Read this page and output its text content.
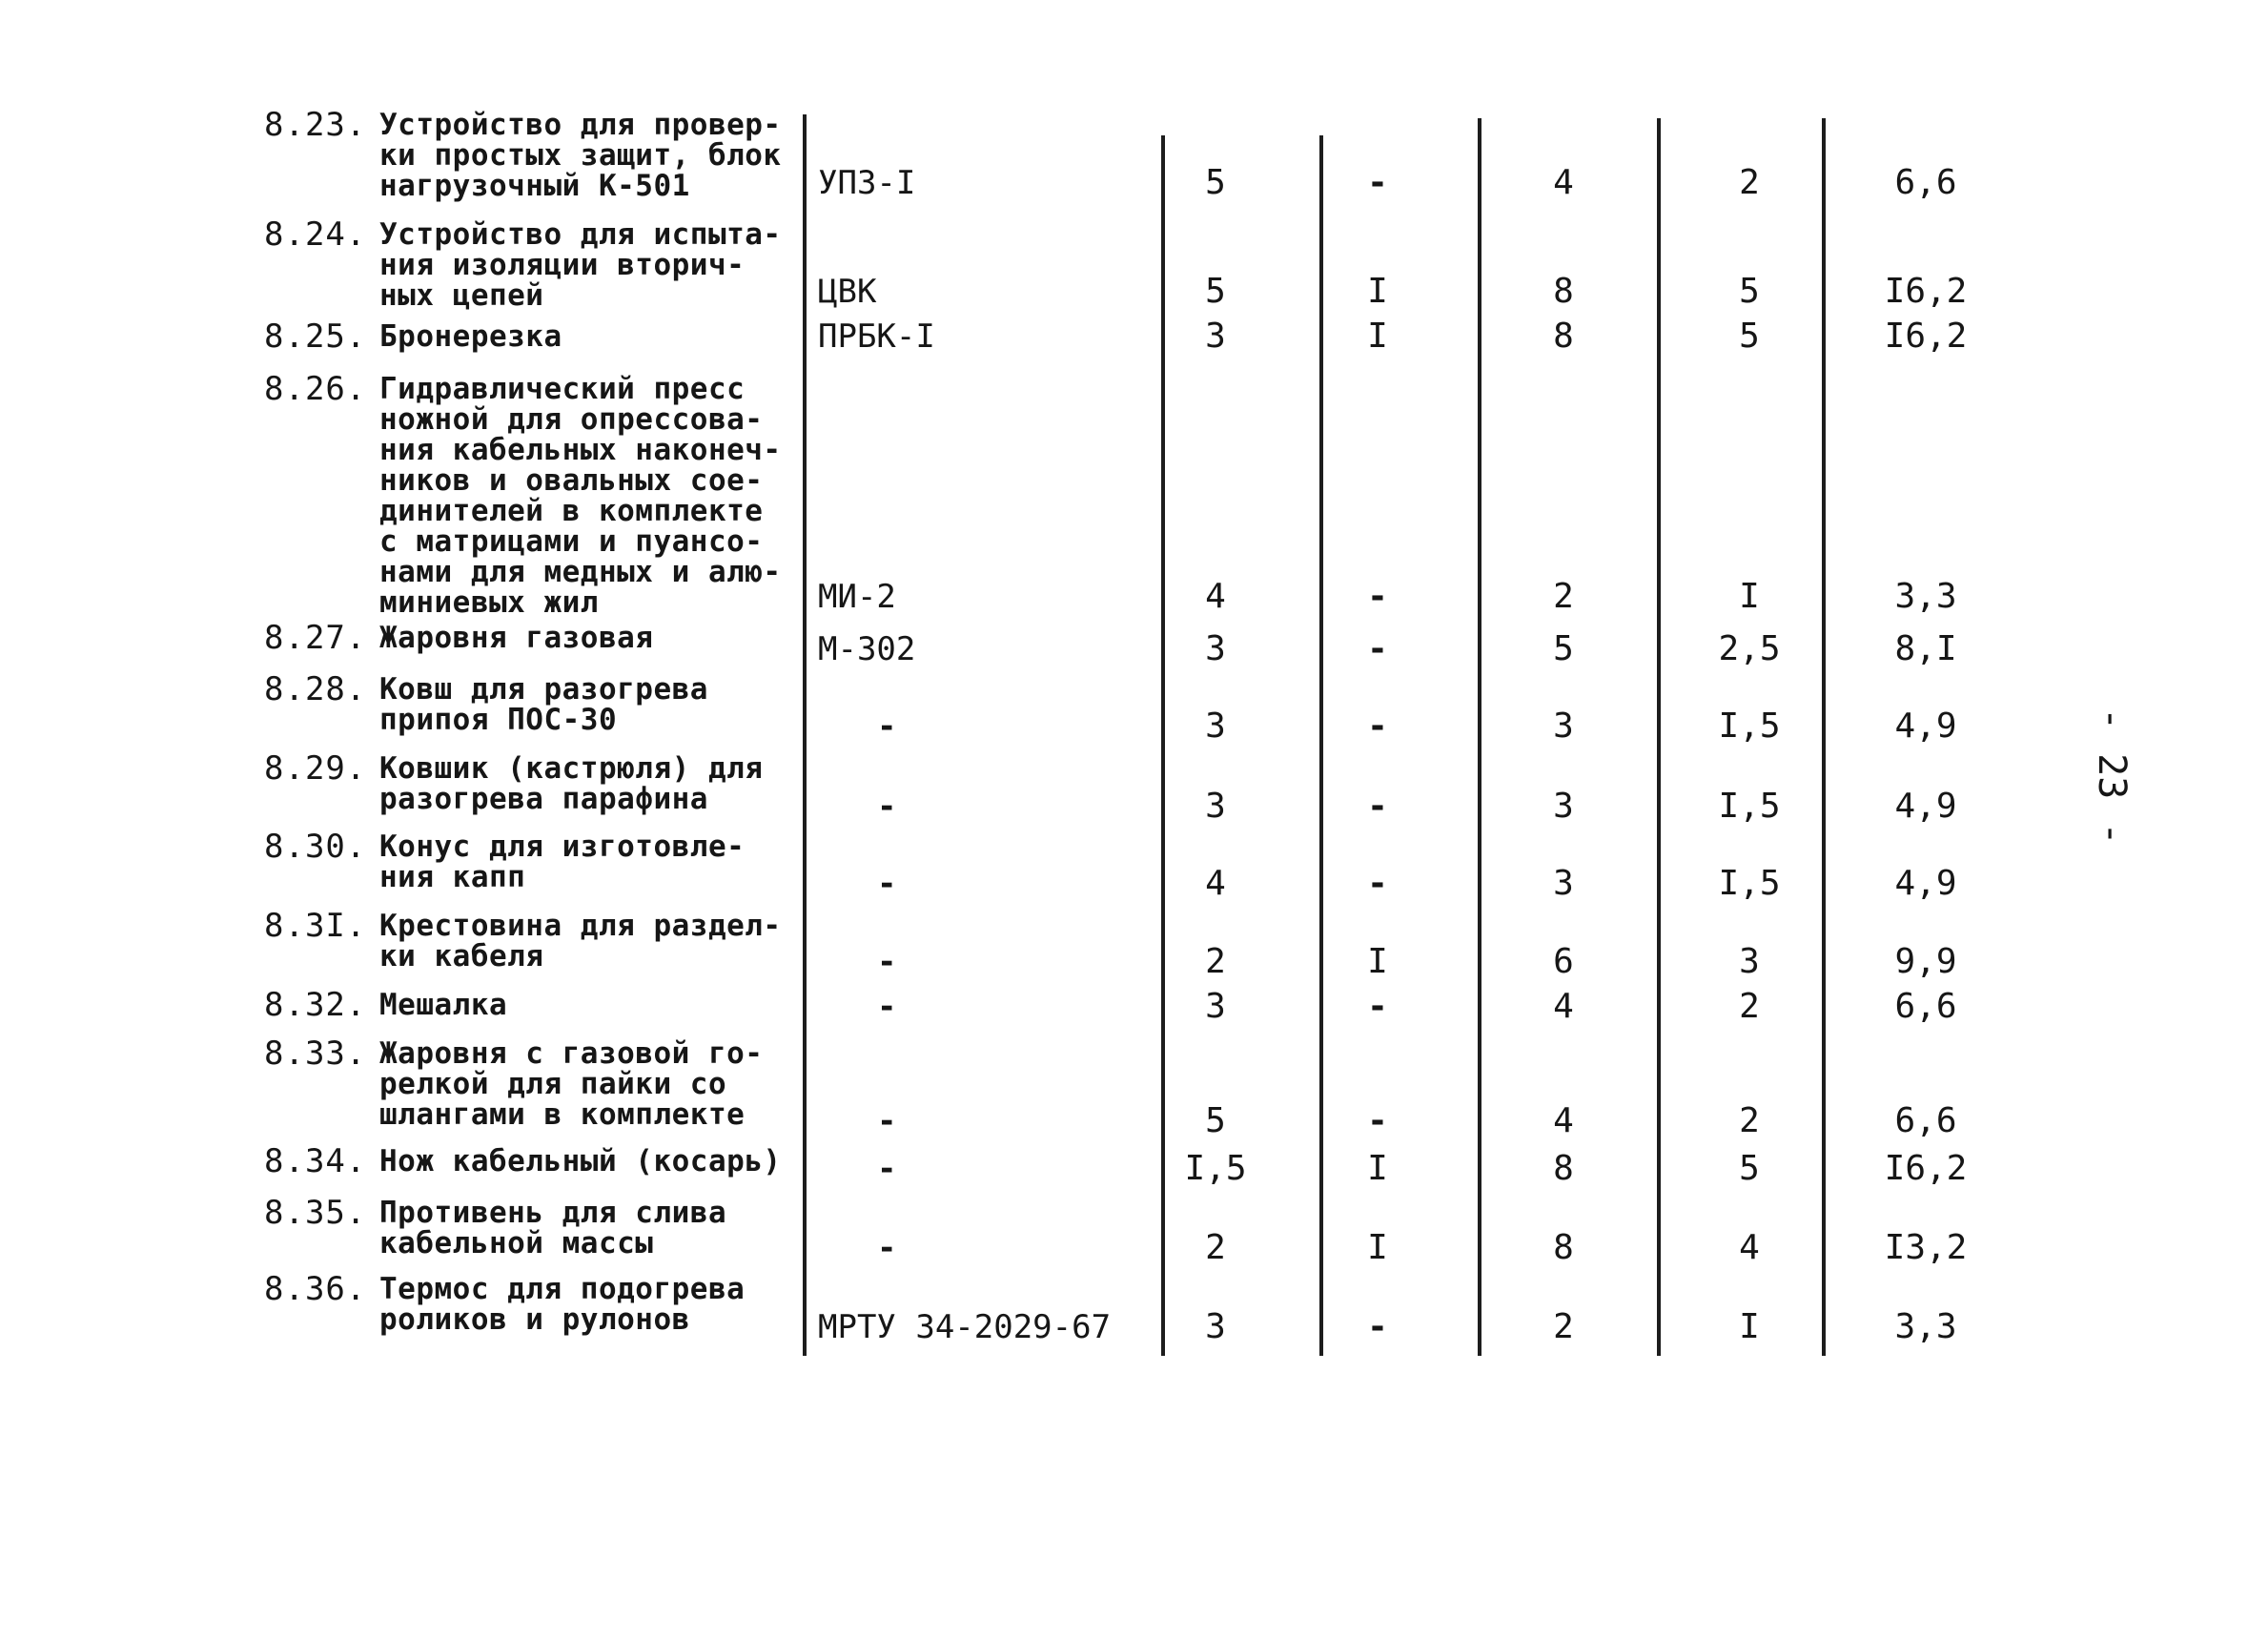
8.23. Устройство для провер-
ки простых защит, блок
нагрузочный К-501	УПЗ-I	5	-	4	2	6,6
8.24. Устройство для испыта-
ния изоляции вторич-
ных цепей	ЦВК	5	I	8	5	I6,2
8.25. Бронерезка	ПРБК-I	3	I	8	5	I6,2
8.26. Гидравлический пресс
ножной для опрессова-
ния кабельных наконеч-
ников и овальных сое-
динителей в комплекте
с матрицами и пуансо-
нами для медных и алю-
миниевых жил	МИ-2	4	-	2	I	3,3
8.27. Жаровня газовая	М-302	3	-	5	2,5	8,I
8.28. Ковш для разогрева
припоя ПОС-30	-	3	-	3	I,5	4,9
8.29. Ковшик (кастрюля) для
разогрева парафина	-	3	-	3	I,5	4,9
8.30. Конус для изготовле-
ния капп	-	4	-	3	I,5	4,9
8.3I. Крестовина для раздел-
ки кабеля	-	2	I	6	3	9,9
8.32. Мешалка	-	3	-	4	2	6,6
8.33. Жаровня с газовой го-
релкой для пайки со
шлангами в комплекте	-	5	-	4	2	6,6
8.34. Нож кабельный (косарь)	-	I,5	I	8	5	I6,2
8.35. Противень для слива
кабельной массы	-	2	I	8	4	I3,2
8.36. Термос для подогрева
роликов и рулонов	МРТУ 34-2029-67	3	-	2	I	3,3
- 23 -
